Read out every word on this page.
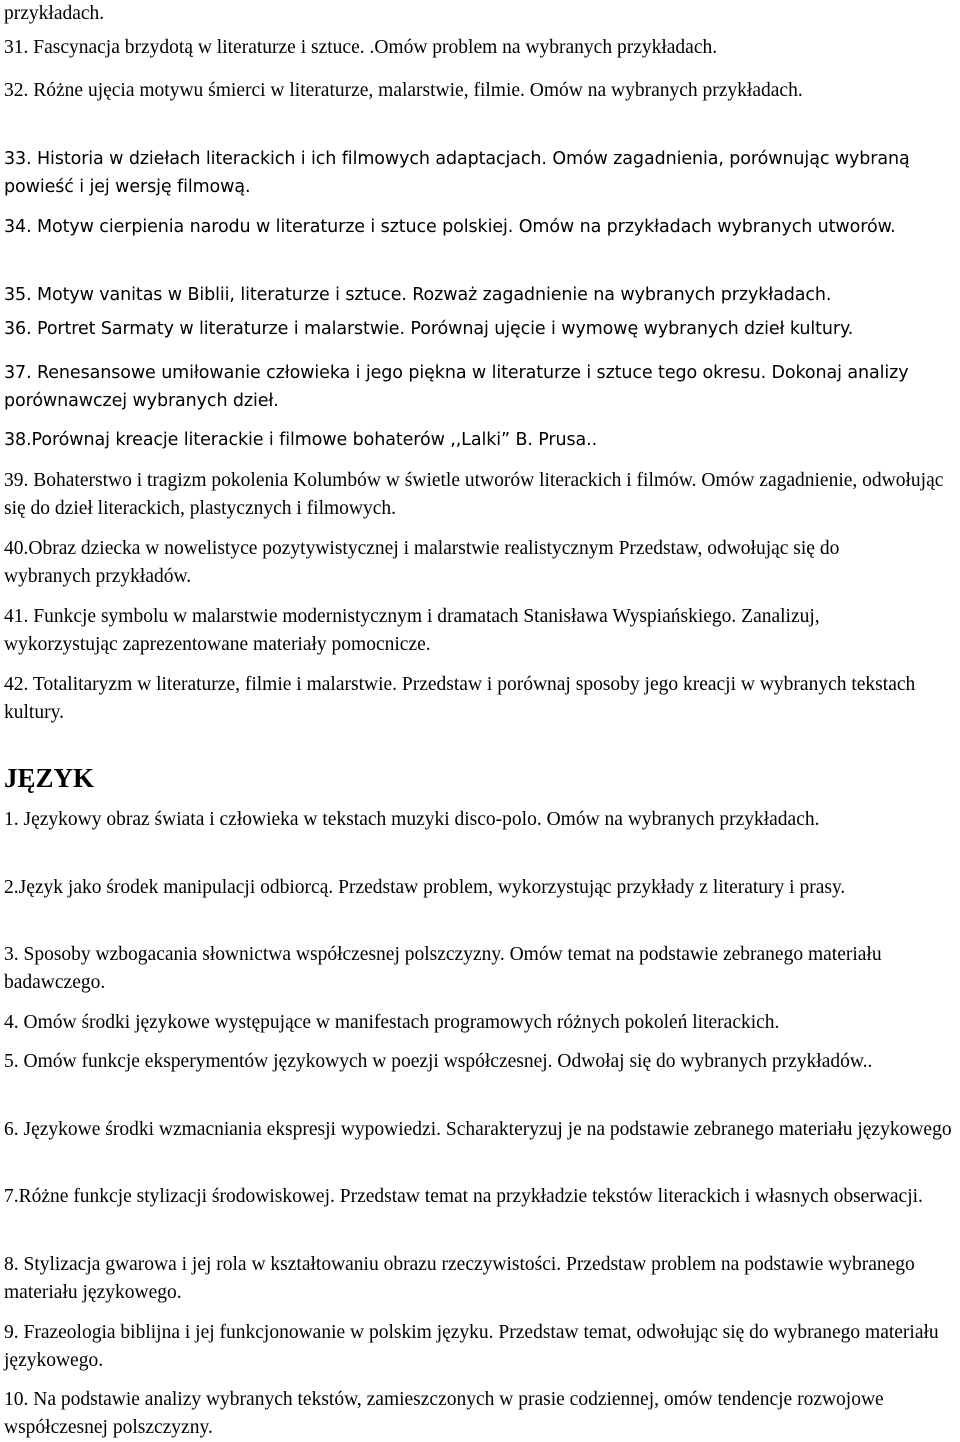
przykładach.

31. Fascynacja brzydotą w literaturze i sztuce. .Omów problem na wybranych przykładach.

32. Różne ujęcia motywu śmierci w literaturze, malarstwie, filmie. Omów na wybranych przykładach.

33. Historia w dziełach literackich i ich filmowych adaptacjach. Omów zagadnienia, porównując wybraną powieść i jej wersję filmową.

34. Motyw cierpienia narodu w literaturze i sztuce polskiej. Omów na przykładach wybranych utworów.

35. Motyw vanitas w Biblii, literaturze i sztuce. Rozważ zagadnienie na wybranych przykładach.

36. Portret Sarmaty w literaturze i malarstwie. Porównaj ujęcie i wymowę wybranych dzieł kultury.

37. Renesansowe umiłowanie człowieka i jego piękna w literaturze i sztuce tego okresu. Dokonaj analizy porównawczej wybranych dzieł.

38.Porównaj kreacje literackie i filmowe bohaterów ,,Lalki” B. Prusa..

39. Bohaterstwo i tragizm pokolenia Kolumbów w świetle utworów literackich i filmów. Omów zagadnienie, odwołując się do dzieł literackich, plastycznych i filmowych.

40.Obraz dziecka w nowelistyce pozytywistycznej i malarstwie realistycznym Przedstaw, odwołując się do wybranych przykładów.

41. Funkcje symbolu w malarstwie modernistycznym i dramatach Stanisława Wyspiańskiego. Zanalizuj, wykorzystując zaprezentowane materiały pomocnicze.

42. Totalitaryzm w literaturze, filmie i malarstwie. Przedstaw i porównaj sposoby jego kreacji w wybranych tekstach kultury.

JĘZYK

1. Językowy obraz świata i człowieka w tekstach muzyki disco-polo. Omów na wybranych przykładach.

2.Język jako środek manipulacji odbiorcą. Przedstaw problem, wykorzystując przykłady z literatury i prasy.

3. Sposoby wzbogacania słownictwa współczesnej polszczyzny. Omów temat na podstawie zebranego materiału badawczego.

4. Omów środki językowe występujące w manifestach programowych różnych pokoleń literackich.

5. Omów funkcje eksperymentów językowych w poezji współczesnej. Odwołaj się do wybranych przykładów..

6. Językowe środki wzmacniania ekspresji wypowiedzi. Scharakteryzuj je na podstawie zebranego materiału językowego

7.Różne funkcje stylizacji środowiskowej. Przedstaw temat na przykładzie tekstów literackich i własnych obserwacji.

8. Stylizacja gwarowa i jej rola w kształtowaniu obrazu rzeczywistości. Przedstaw problem na podstawie wybranego materiału językowego.

9. Frazeologia biblijna i jej funkcjonowanie w polskim języku. Przedstaw temat, odwołując się do wybranego materiału językowego.

10. Na podstawie analizy wybranych tekstów, zamieszczonych w prasie codziennej, omów tendencje rozwojowe współczesnej polszczyzny.
